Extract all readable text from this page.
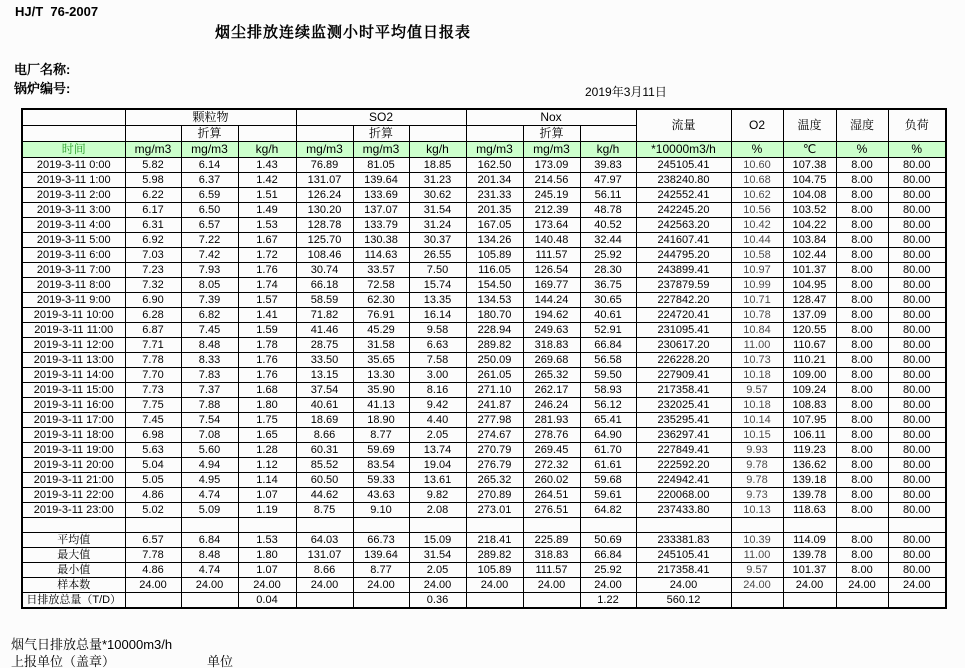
HJ/T  76-2007
烟尘排放连续监测小时平均值日报表
电厂名称:
锅炉编号:	2019年3月11日
	颗粒物			SO2			Nox			流量	O2	温度	湿度	负荷
		折算			折算			折算						
时间	mg/m3	mg/m3	kg/h	mg/m3	mg/m3	kg/h	mg/m3	mg/m3	kg/h	*10000m3/h	%	℃	%	%
2019-3-11 0:00	5.82	6.14	1.43	76.89	81.05	18.85	162.50	173.09	39.83	245105.41	10.60	107.38	8.00	80.00
2019-3-11 1:00	5.98	6.37	1.42	131.07	139.64	31.23	201.34	214.56	47.97	238240.80	10.68	104.75	8.00	80.00
2019-3-11 2:00	6.22	6.59	1.51	126.24	133.69	30.62	231.33	245.19	56.11	242552.41	10.62	104.08	8.00	80.00
2019-3-11 3:00	6.17	6.50	1.49	130.20	137.07	31.54	201.35	212.39	48.78	242245.20	10.56	103.52	8.00	80.00
2019-3-11 4:00	6.31	6.57	1.53	128.78	133.79	31.24	167.05	173.64	40.52	242563.20	10.42	104.22	8.00	80.00
2019-3-11 5:00	6.92	7.22	1.67	125.70	130.38	30.37	134.26	140.48	32.44	241607.41	10.44	103.84	8.00	80.00
2019-3-11 6:00	7.03	7.42	1.72	108.46	114.63	26.55	105.89	111.57	25.92	244795.20	10.58	102.44	8.00	80.00
2019-3-11 7:00	7.23	7.93	1.76	30.74	33.57	7.50	116.05	126.54	28.30	243899.41	10.97	101.37	8.00	80.00
2019-3-11 8:00	7.32	8.05	1.74	66.18	72.58	15.74	154.50	169.77	36.75	237879.59	10.99	104.95	8.00	80.00
2019-3-11 9:00	6.90	7.39	1.57	58.59	62.30	13.35	134.53	144.24	30.65	227842.20	10.71	128.47	8.00	80.00
2019-3-11 10:00	6.28	6.82	1.41	71.82	76.91	16.14	180.70	194.62	40.61	224720.41	10.78	137.09	8.00	80.00
2019-3-11 11:00	6.87	7.45	1.59	41.46	45.29	9.58	228.94	249.63	52.91	231095.41	10.84	120.55	8.00	80.00
2019-3-11 12:00	7.71	8.48	1.78	28.75	31.58	6.63	289.82	318.83	66.84	230617.20	11.00	110.67	8.00	80.00
2019-3-11 13:00	7.78	8.33	1.76	33.50	35.65	7.58	250.09	269.68	56.58	226228.20	10.73	110.21	8.00	80.00
2019-3-11 14:00	7.70	7.83	1.76	13.15	13.30	3.00	261.05	265.32	59.50	227909.41	10.18	109.00	8.00	80.00
2019-3-11 15:00	7.73	7.37	1.68	37.54	35.90	8.16	271.10	262.17	58.93	217358.41	9.57	109.24	8.00	80.00
2019-3-11 16:00	7.75	7.88	1.80	40.61	41.13	9.42	241.87	246.24	56.12	232025.41	10.18	108.83	8.00	80.00
2019-3-11 17:00	7.45	7.54	1.75	18.69	18.90	4.40	277.98	281.93	65.41	235295.41	10.14	107.95	8.00	80.00
2019-3-11 18:00	6.98	7.08	1.65	8.66	8.77	2.05	274.67	278.76	64.90	236297.41	10.15	106.11	8.00	80.00
2019-3-11 19:00	5.63	5.60	1.28	60.31	59.69	13.74	270.79	269.45	61.70	227849.41	9.93	119.23	8.00	80.00
2019-3-11 20:00	5.04	4.94	1.12	85.52	83.54	19.04	276.79	272.32	61.61	222592.20	9.78	136.62	8.00	80.00
2019-3-11 21:00	5.05	4.95	1.14	60.50	59.33	13.61	265.32	260.02	59.68	224942.41	9.78	139.18	8.00	80.00
2019-3-11 22:00	4.86	4.74	1.07	44.62	43.63	9.82	270.89	264.51	59.61	220068.00	9.73	139.78	8.00	80.00
2019-3-11 23:00	5.02	5.09	1.19	8.75	9.10	2.08	273.01	276.51	64.82	237433.80	10.13	118.63	8.00	80.00

平均值	6.57	6.84	1.53	64.03	66.73	15.09	218.41	225.89	50.69	233381.83	10.39	114.09	8.00	80.00
最大值	7.78	8.48	1.80	131.07	139.64	31.54	289.82	318.83	66.84	245105.41	11.00	139.78	8.00	80.00
最小值	4.86	4.74	1.07	8.66	8.77	2.05	105.89	111.57	25.92	217358.41	9.57	101.37	8.00	80.00
样本数	24.00	24.00	24.00	24.00	24.00	24.00	24.00	24.00	24.00	24.00	24.00	24.00	24.00	24.00
日排放总量（T/D）			0.04			0.36			1.22	560.12				
烟气日排放总量*10000m3/h
上报单位（盖章）	单位
